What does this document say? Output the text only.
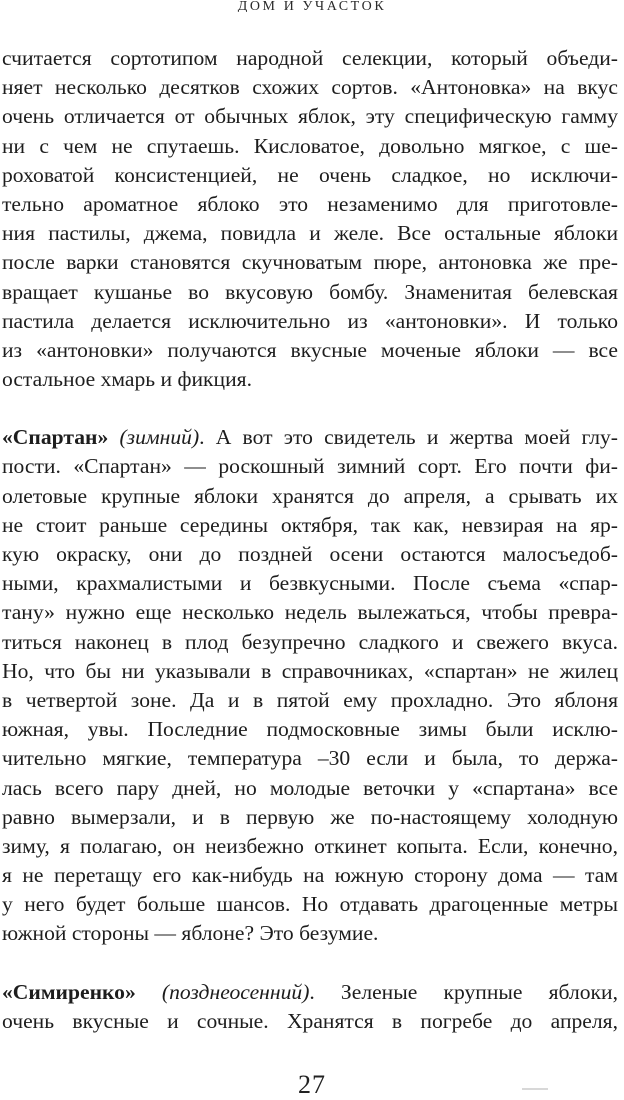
ДОМ И УЧАСТОК
считается сортотипом народной селекции, который объеди-
няет несколько десятков схожих сортов. «Антоновка» на вкус
очень отличается от обычных яблок, эту специфическую гамму
ни с чем не спутаешь. Кисловатое, довольно мягкое, с ше-
роховатой консистенцией, не очень сладкое, но исключи-
тельно ароматное яблоко это незаменимо для приготовле-
ния пастилы, джема, повидла и желе. Все остальные яблоки
после варки становятся скучноватым пюре, антоновка же пре-
вращает кушанье во вкусовую бомбу. Знаменитая белевская
пастила делается исключительно из «антоновки». И только
из «антоновки» получаются вкусные моченые яблоки — все
остальное хмарь и фикция.
«Спартан» (зимний). А вот это свидетель и жертва моей глу-
пости. «Спартан» — роскошный зимний сорт. Его почти фи-
олетовые крупные яблоки хранятся до апреля, а срывать их
не стоит раньше середины октября, так как, невзирая на яр-
кую окраску, они до поздней осени остаются малосъедоб-
ными, крахмалистыми и безвкусными. После съема «спар-
тану» нужно еще несколько недель вылежаться, чтобы превра-
титься наконец в плод безупречно сладкого и свежего вкуса.
Но, что бы ни указывали в справочниках, «спартан» не жилец
в четвертой зоне. Да и в пятой ему прохладно. Это яблоня
южная, увы. Последние подмосковные зимы были исклю-
чительно мягкие, температура –30 если и была, то держа-
лась всего пару дней, но молодые веточки у «спартана» все
равно вымерзали, и в первую же по-настоящему холодную
зиму, я полагаю, он неизбежно откинет копыта. Если, конечно,
я не перетащу его как-нибудь на южную сторону дома — там
у него будет больше шансов. Но отдавать драгоценные метры
южной стороны — яблоне? Это безумие.
«Симиренко» (позднеосенний). Зеленые крупные яблоки,
очень вкусные и сочные. Хранятся в погребе до апреля,
27
